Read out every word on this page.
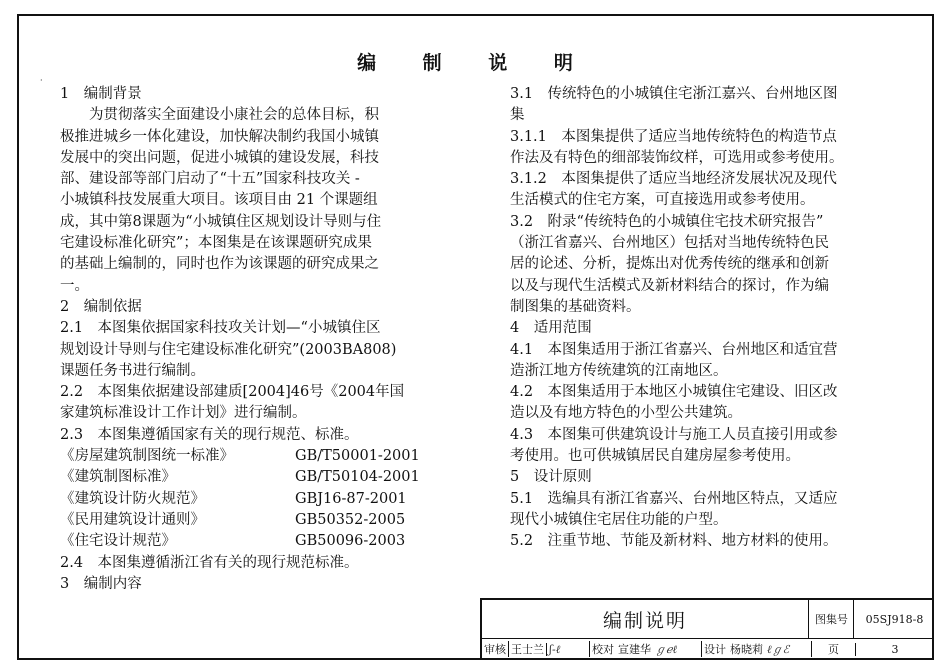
·
编 制 说 明

1　编制背景

为贯彻落实全面建设小康社会的总体目标，积

极推进城乡一体化建设，加快解决制约我国小城镇

发展中的突出问题，促进小城镇的建设发展，科技

部、建设部等部门启动了“十五”国家科技攻关 -

小城镇科技发展重大项目。该项目由 21 个课题组

成，其中第8课题为“小城镇住区规划设计导则与住

宅建设标准化研究”；本图集是在该课题研究成果

的基础上编制的，同时也作为该课题的研究成果之

一。

2　编制依据

2.1　本图集依据国家科技攻关计划—“小城镇住区

规划设计导则与住宅建设标准化研究”(2003BA808)

课题任务书进行编制。

2.2　本图集依据建设部建质[2004]46号《2004年国

家建筑标准设计工作计划》进行编制。

2.3　本图集遵循国家有关的现行规范、标准。

《房屋建筑制图统一标准》	GB/T50001-2001
《建筑制图标准》	GB/T50104-2001
《建筑设计防火规范》	GBJ16-87-2001
《民用建筑设计通则》	GB50352-2005
《住宅设计规范》	GB50096-2003

2.4　本图集遵循浙江省有关的现行规范标准。

3　编制内容

3.1　传统特色的小城镇住宅浙江嘉兴、台州地区图

集

3.1.1　本图集提供了适应当地传统特色的构造节点

作法及有特色的细部装饰纹样，可选用或参考使用。

3.1.2　本图集提供了适应当地经济发展状况及现代

生活模式的住宅方案，可直接选用或参考使用。

3.2　附录“传统特色的小城镇住宅技术研究报告”

（浙江省嘉兴、台州地区）包括对当地传统特色民

居的论述、分析，提炼出对优秀传统的继承和创新

以及与现代生活模式及新材料结合的探讨，作为编

制图集的基础资料。

4　适用范围

4.1　本图集适用于浙江省嘉兴、台州地区和适宜营

造浙江地方传统建筑的江南地区。

4.2　本图集适用于本地区小城镇住宅建设、旧区改

造以及有地方特色的小型公共建筑。

4.3　本图集可供建筑设计与施工人员直接引用或参

考使用。也可供城镇居民自建房屋参考使用。

5　设计原则

5.1　选编具有浙江省嘉兴、台州地区特点，又适应

现代小城镇住宅居住功能的户型。

5.2　注重节地、节能及新材料、地方材料的使用。

编制说明	图集号	05SJ918-8
审核 王士兰 ʃ-ℓ	校对 宣建华 ℊℯℓ	设计 杨晓莉 ℓℊℰ	页	3
